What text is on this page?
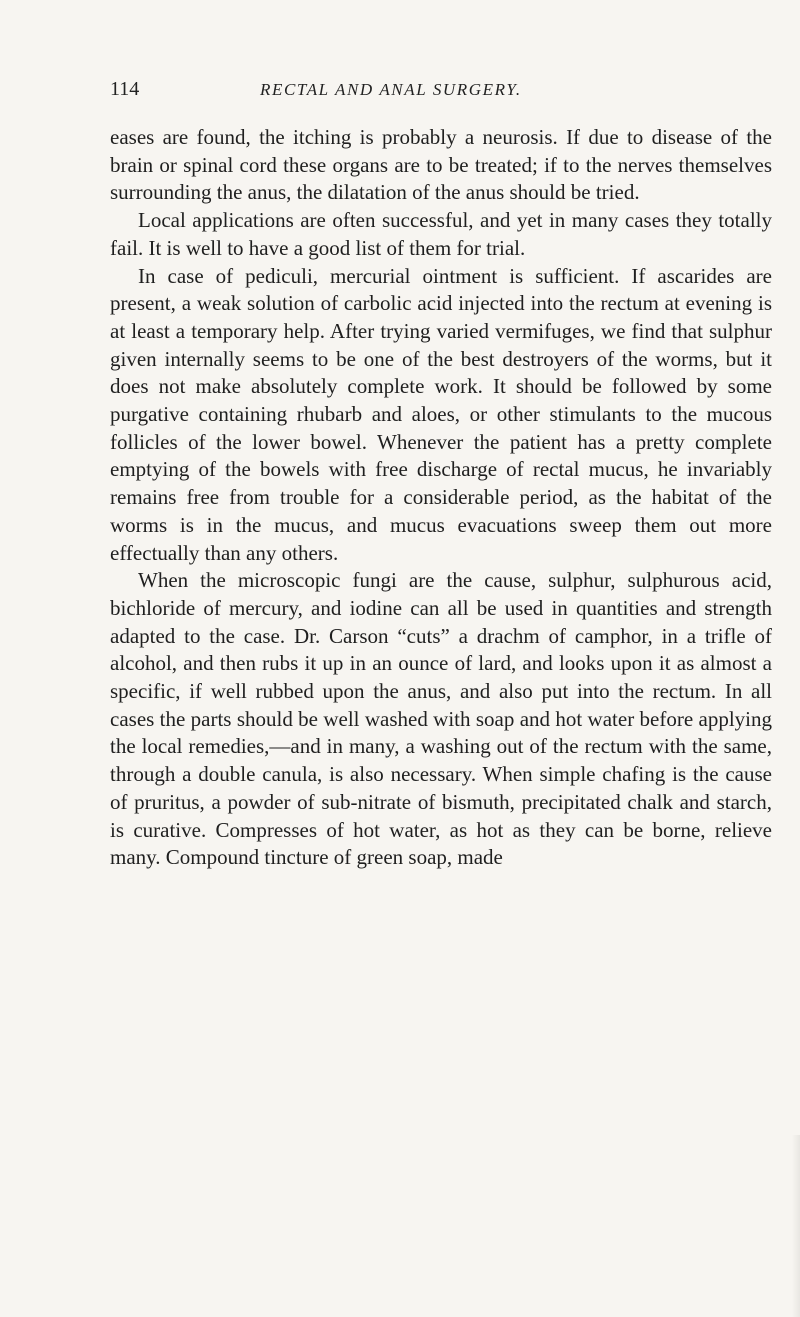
114	RECTAL AND ANAL SURGERY.

eases are found, the itching is probably a neurosis. If due to disease of the brain or spinal cord these organs are to be treated; if to the nerves themselves surrounding the anus, the dilatation of the anus should be tried.

Local applications are often successful, and yet in many cases they totally fail. It is well to have a good list of them for trial.

In case of pediculi, mercurial ointment is sufficient. If ascarides are present, a weak solution of carbolic acid injected into the rectum at evening is at least a temporary help. After trying varied vermifuges, we find that sulphur given internally seems to be one of the best destroyers of the worms, but it does not make absolutely complete work. It should be followed by some purgative containing rhubarb and aloes, or other stimulants to the mucous follicles of the lower bowel. Whenever the patient has a pretty complete emptying of the bowels with free discharge of rectal mucus, he invariably remains free from trouble for a considerable period, as the habitat of the worms is in the mucus, and mucus evacuations sweep them out more effectually than any others.

When the microscopic fungi are the cause, sulphur, sulphurous acid, bichloride of mercury, and iodine can all be used in quantities and strength adapted to the case. Dr. Carson “cuts” a drachm of camphor, in a trifle of alcohol, and then rubs it up in an ounce of lard, and looks upon it as almost a specific, if well rubbed upon the anus, and also put into the rectum. In all cases the parts should be well washed with soap and hot water before applying the local remedies,—and in many, a washing out of the rectum with the same, through a double canula, is also necessary. When simple chafing is the cause of pruritus, a powder of sub-nitrate of bismuth, precipitated chalk and starch, is curative. Compresses of hot water, as hot as they can be borne, relieve many. Compound tincture of green soap, made
